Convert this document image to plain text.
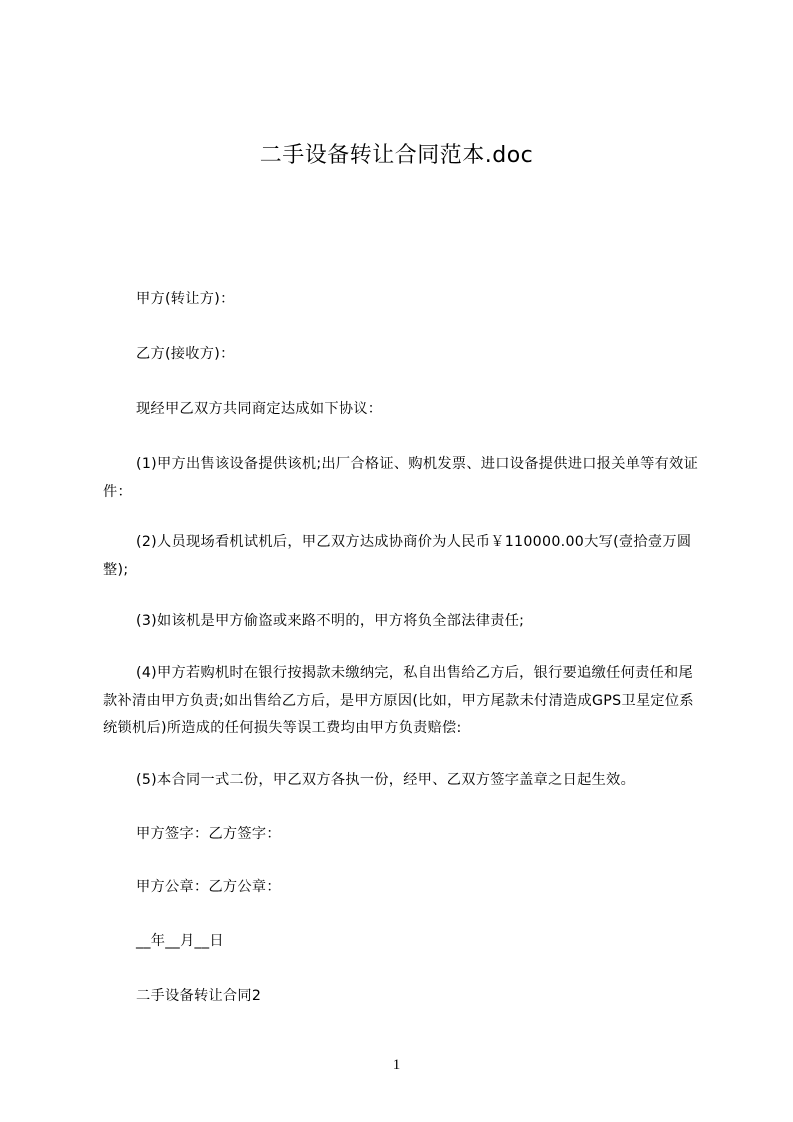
二手设备转让合同范本.doc

甲方(转让方)：

乙方(接收方)：

现经甲乙双方共同商定达成如下协议：

(1)甲方出售该设备提供该机;出厂合格证、购机发票、进口设备提供进口报关单等有效证件：

(2)人员现场看机试机后，甲乙双方达成协商价为人民币￥110000.00大写(壹拾壹万圆整);

(3)如该机是甲方偷盗或来路不明的，甲方将负全部法律责任;

(4)甲方若购机时在银行按揭款未缴纳完，私自出售给乙方后，银行要追缴任何责任和尾款补清由甲方负责;如出售给乙方后，是甲方原因(比如，甲方尾款未付清造成GPS卫星定位系统锁机后)所造成的任何损失等误工费均由甲方负责赔偿:

(5)本合同一式二份，甲乙双方各执一份，经甲、乙双方签字盖章之日起生效。

甲方签字：乙方签字：

甲方公章：乙方公章：

__年__月__日

二手设备转让合同2

1
